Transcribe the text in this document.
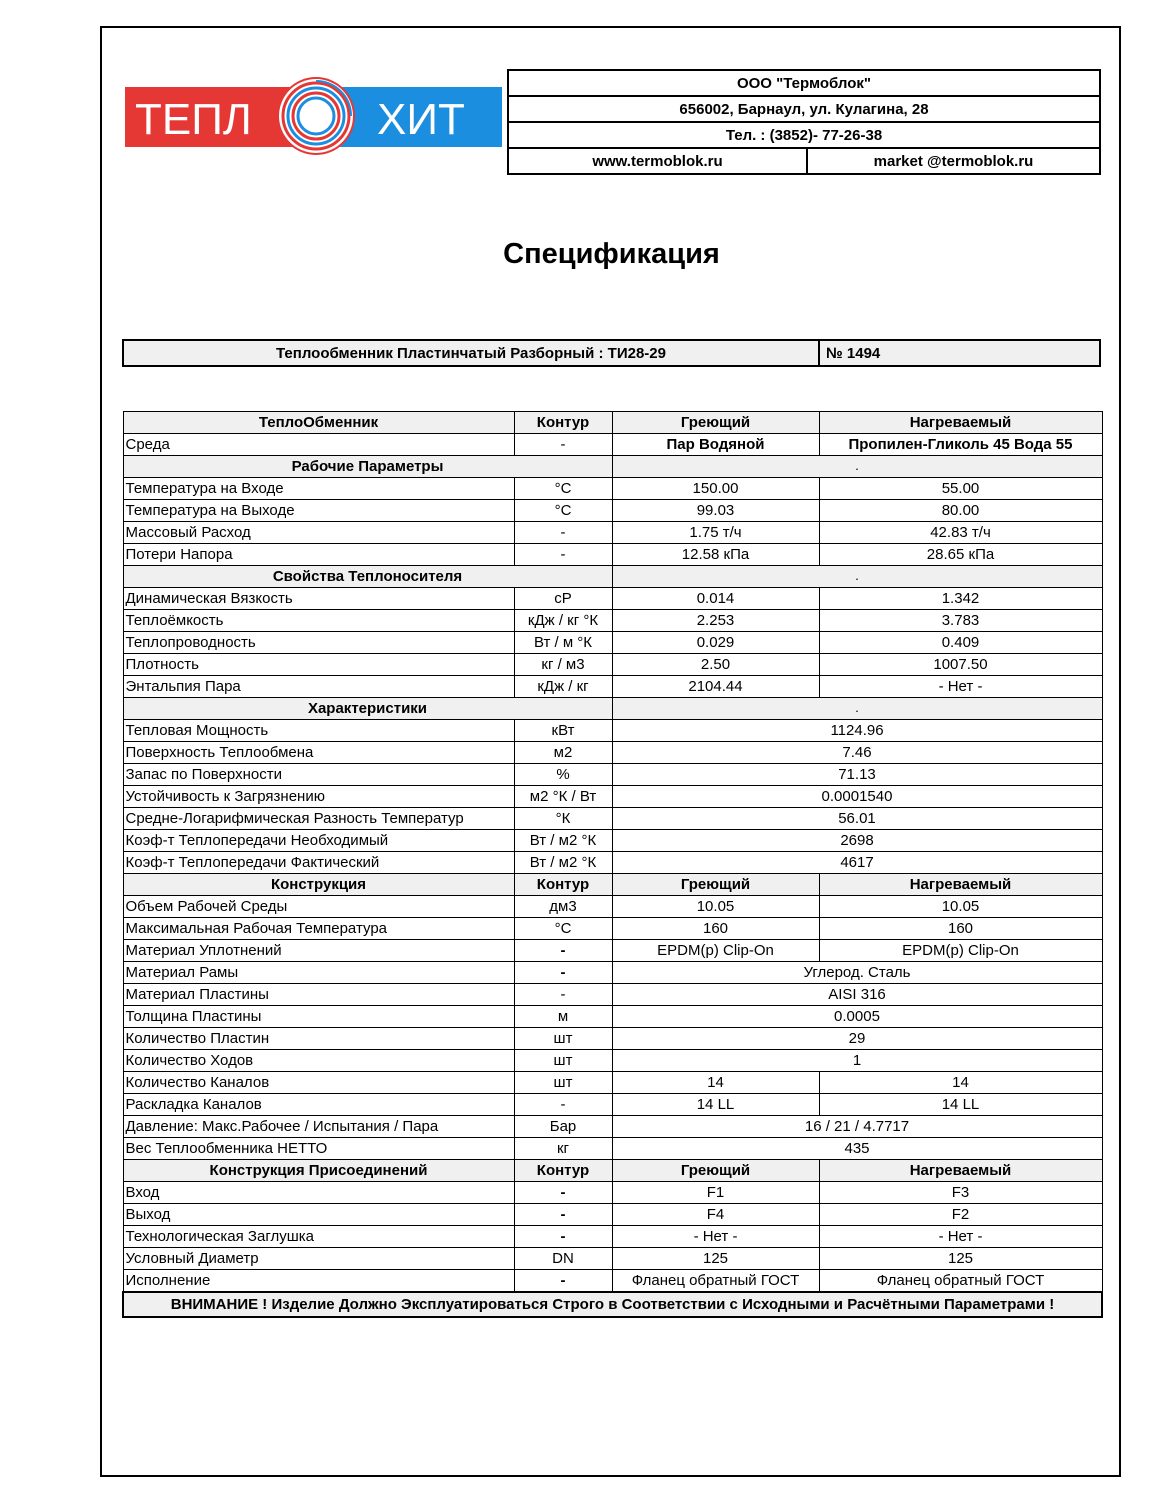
ТЕПЛ	ХИТ
ООО "Термоблок"
656002, Барнаул, ул. Кулагина, 28
Тел. : (3852)- 77-26-38
www.termoblok.ru	market @termoblok.ru
Спецификация
Теплообменник Пластинчатый Разборный : ТИ28-29	№ 1494
ТеплоОбменник	Контур	Греющий	Нагреваемый
Среда	-	Пар Водяной	Пропилен-Гликоль 45 Вода 55
Рабочие Параметры		.	
Температура на Входе	°C	150.00	55.00
Температура на Выходе	°C	99.03	80.00
Массовый Расход	-	1.75 т/ч	42.83 т/ч
Потери Напора	-	12.58 кПа	28.65 кПа
Свойства Теплоносителя		.	
Динамическая Вязкость	cP	0.014	1.342
Теплоёмкость	кДж / кг °К	2.253	3.783
Теплопроводность	Вт / м °К	0.029	0.409
Плотность	кг / м3	2.50	1007.50
Энтальпия Пара	кДж / кг	2104.44	- Нет -
Характеристики		.	
Тепловая Мощность	кВт	1124.96	
Поверхность Теплообмена	м2	7.46	
Запас по Поверхности	%	71.13	
Устойчивость к Загрязнению	м2 °К / Вт	0.0001540	
Средне-Логарифмическая Разность Температур	°К	56.01	
Коэф-т Теплопередачи Необходимый	Вт / м2 °К	2698	
Коэф-т Теплопередачи Фактический	Вт / м2 °К	4617	
Конструкция	Контур	Греющий	Нагреваемый
Объем Рабочей Среды	дм3	10.05	10.05
Максимальная Рабочая Температура	°C	160	160
Материал Уплотнений	-	EPDM(p) Clip-On	EPDM(p) Clip-On
Материал Рамы	-	Углерод. Сталь	
Материал Пластины	-	AISI 316	
Толщина Пластины	м	0.0005	
Количество Пластин	шт	29	
Количество Ходов	шт	1	
Количество Каналов	шт	14	14
Раскладка Каналов	-	14 LL	14 LL
Давление: Макс.Рабочее / Испытания / Пара	Бар	16 / 21 / 4.7717	
Вес Теплообменника НЕТТО	кг	435	
Конструкция Присоединений	Контур	Греющий	Нагреваемый
Вход	-	F1	F3
Выход	-	F4	F2
Технологическая Заглушка	-	- Нет -	- Нет -
Условный Диаметр	DN	125	125
Исполнение	-	Фланец обратный ГОСТ	Фланец обратный ГОСТ
ВНИМАНИЕ ! Изделие Должно Эксплуатироваться Строго в Соответствии с Исходными и Расчётными Параметрами !			
